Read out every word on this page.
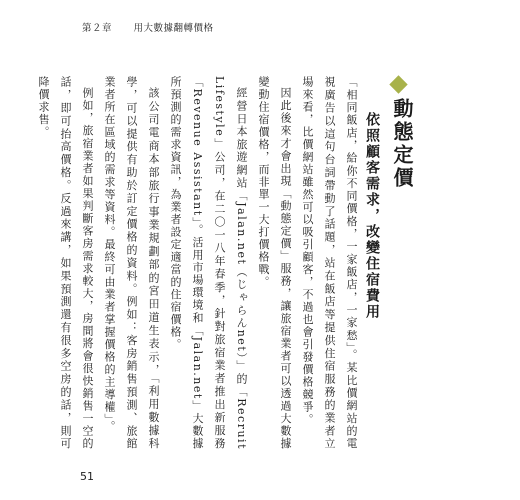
第２章 用大數據翻轉價格
動態定價
依照顧客需求，改變住宿費用

「相同飯店，給你不同價格，一家飯店，一家愁」。某比價網站的電視廣告以這句台詞帶動了話題，站在飯店等提供住宿服務的業者立場來看，比價網站雖然可以吸引顧客，不過也會引發價格競爭。

因此後來才會出現「動態定價」服務，讓旅宿業者可以透過大數據變動住宿價格，而非單一大打價格戰。

經營日本旅遊網站「Jalan.net（じゃらんnet）」的「Recruit Lifestyle」公司，在二〇一八年春季，針對旅宿業者推出新服務「Revenue Assistant」。活用市場環境和「Jalan.net」大數據所預測的需求資訊，為業者設定適當的住宿價格。

該公司電商本部旅行事業規劃部的宮田道生表示，「利用數據科學，可以提供有助於訂定價格的資料。例如：客房銷售預測、旅館業者所在區域的需求等資料。最終可由業者掌握價格的主導權」。

例如，旅宿業者如果判斷客房需求較大，房間將會很快銷售一空的話，即可抬高價格。反過來講，如果預測還有很多空房的話，則可降價求售。

51
